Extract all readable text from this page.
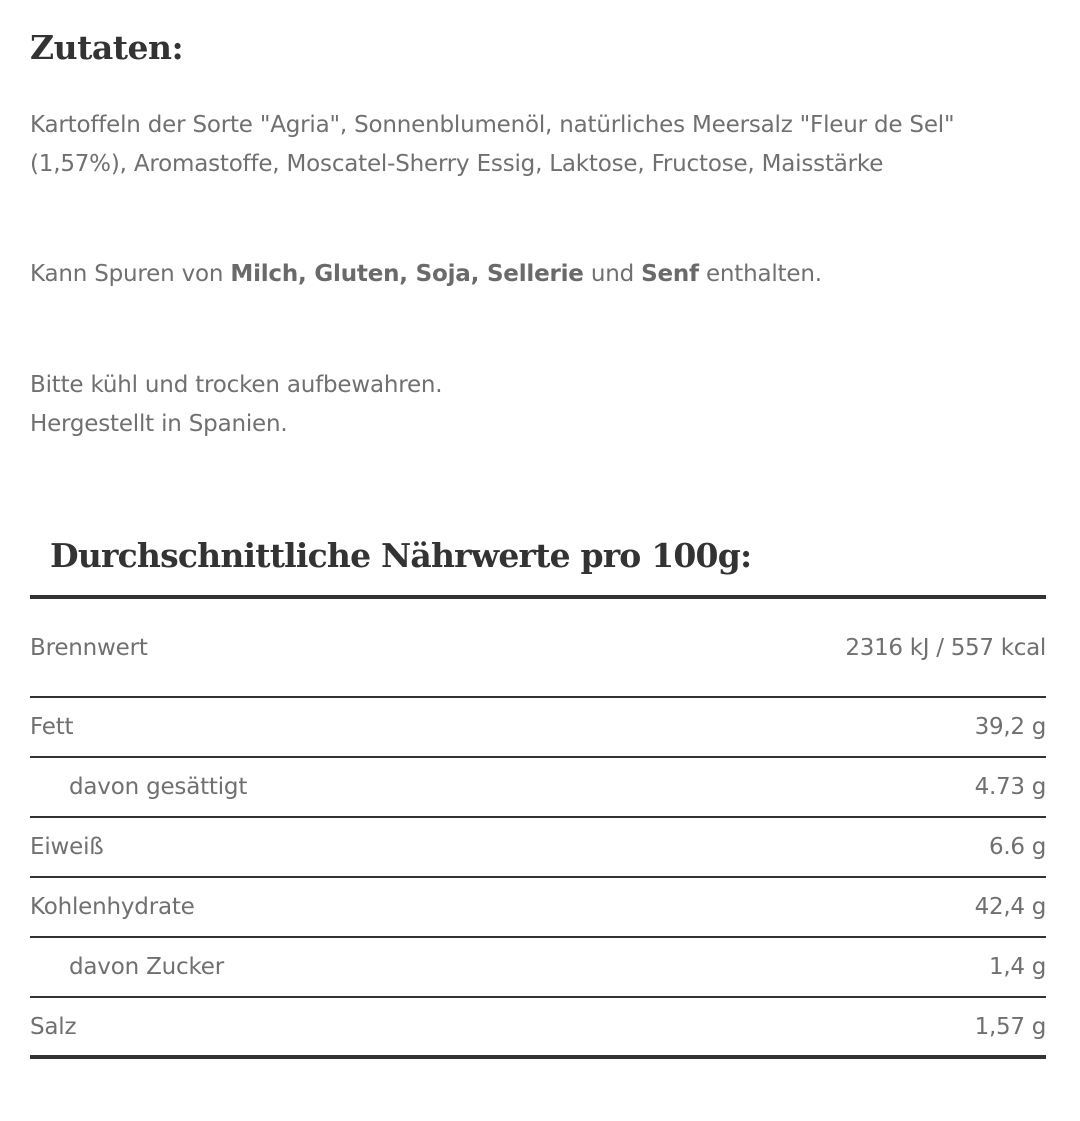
Zutaten:

Kartoffeln der Sorte "Agria", Sonnenblumenöl, natürliches Meersalz "Fleur de Sel"
(1,57%), Aromastoffe, Moscatel-Sherry Essig, Laktose, Fructose, Maisstärke

Kann Spuren von Milch, Gluten, Soja, Sellerie und Senf enthalten.

Bitte kühl und trocken aufbewahren.
Hergestellt in Spanien.

Durchschnittliche Nährwerte pro 100g:
Brennwert	2316 kJ / 557 kcal
Fett	39,2 g
davon gesättigt	4.73 g
Eiweiß	6.6 g
Kohlenhydrate	42,4 g
davon Zucker	1,4 g
Salz	1,57 g
